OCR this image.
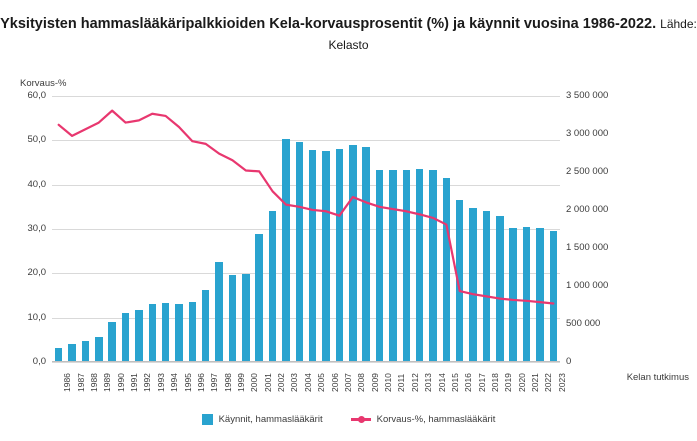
Yksityisten hammaslääkäripalkkioiden Kela-korvausprosentit (%) ja käynnit vuosina 1986-2022. Lähde: Kelasto
Korvaus-%
Kelan tutkimus
0,0
10,0
20,0
30,0
40,0
50,0
60,0
0
500 000
1 000 000
1 500 000
2 000 000
2 500 000
3 000 000
3 500 000
1986 1987 1988 1989 1990 1991 1992 1993 1994 1995 1996 1997 1998 1999 2000 2001 2002 2003 2004 2005 2006 2007 2008 2009 2010 2011 2012 2013 2014 2015 2016 2017 2018 2019 2020 2021 2022 2023
Käynnit, hammaslääkärit	Korvaus-%, hammaslääkärit
